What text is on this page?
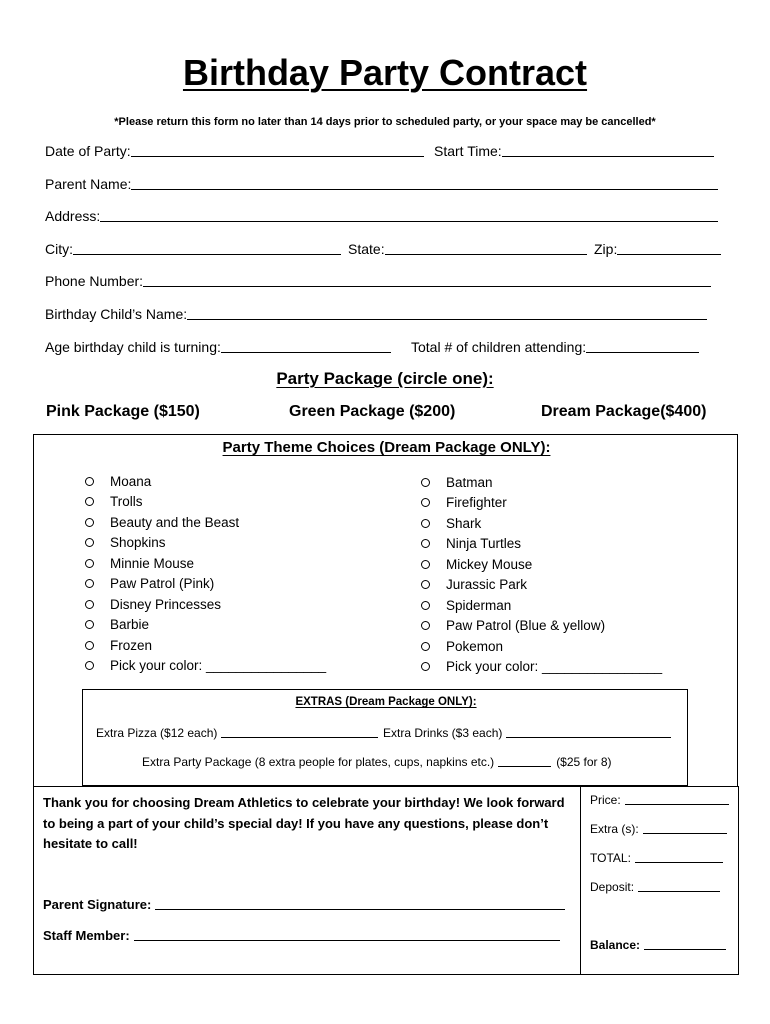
Birthday Party Contract
*Please return this form no later than 14 days prior to scheduled party, or your space may be cancelled*
Date of Party:	Start Time:
Parent Name:
Address:
City:	State:	Zip:
Phone Number:
Birthday Child’s Name:
Age birthday child is turning:	Total # of children attending:
Party Package (circle one):
Pink Package ($150)	Green Package ($200)	Dream Package($400)
Party Theme Choices (Dream Package ONLY):
Moana
Trolls
Beauty and the Beast
Shopkins
Minnie Mouse
Paw Patrol (Pink)
Disney Princesses
Barbie
Frozen
Pick your color: ________________
Batman
Firefighter
Shark
Ninja Turtles
Mickey Mouse
Jurassic Park
Spiderman
Paw Patrol (Blue & yellow)
Pokemon
Pick your color: ________________
EXTRAS (Dream Package ONLY):
Extra Pizza ($12 each)	Extra Drinks ($3 each)
Extra Party Package (8 extra people for plates, cups, napkins etc.)	($25 for 8)
Thank you for choosing Dream Athletics to celebrate your birthday! We look forward to being a part of your child’s special day! If you have any questions, please don’t hesitate to call!
Parent Signature:
Staff Member:
Price:
Extra (s):
TOTAL:
Deposit:
Balance:
